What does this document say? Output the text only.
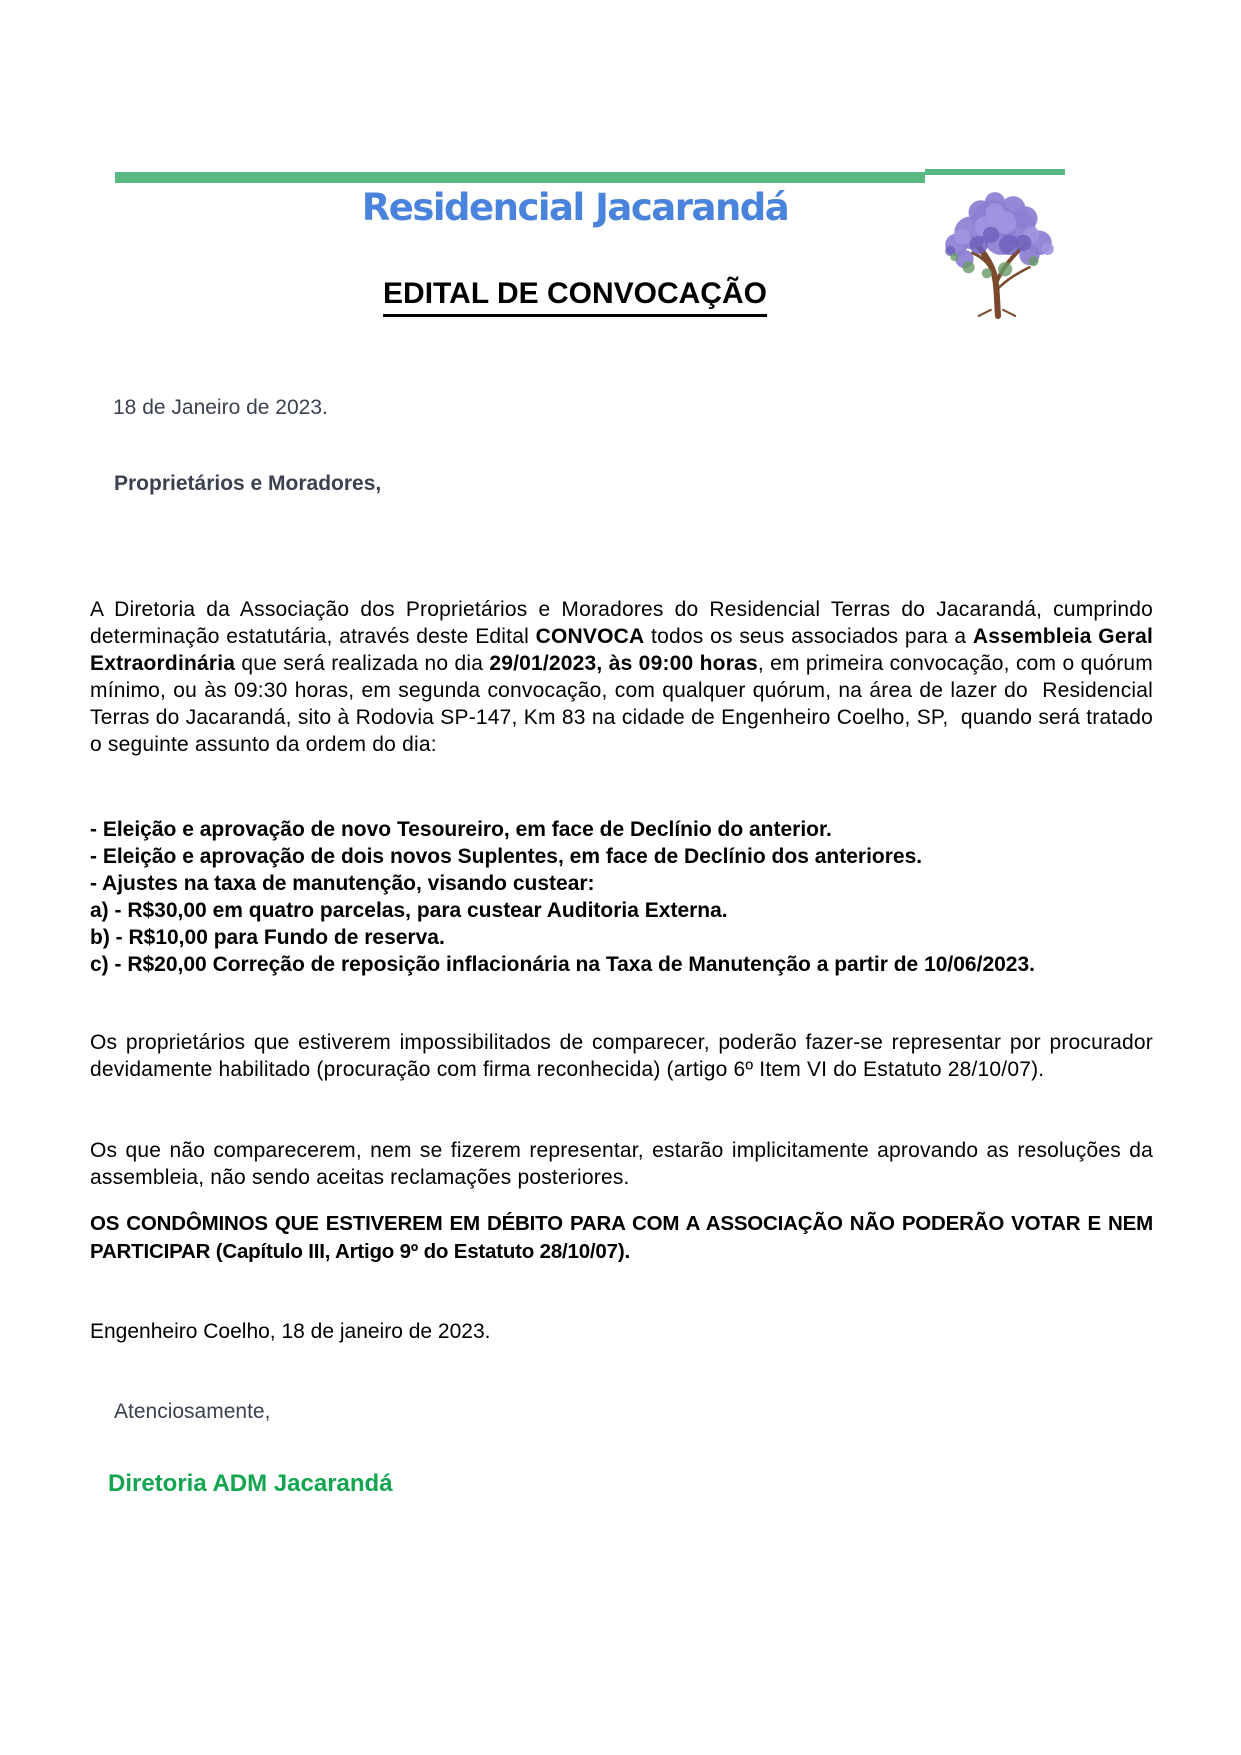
Residencial Jacarandá
EDITAL DE CONVOCAÇÃO
18 de Janeiro de 2023.
Proprietários e Moradores,
A Diretoria da Associação dos Proprietários e Moradores do Residencial Terras do Jacarandá, cumprindo determinação estatutária, através deste Edital CONVOCA todos os seus associados para a Assembleia Geral Extraordinária que será realizada no dia 29/01/2023, às 09:00 horas, em primeira convocação, com o quórum mínimo, ou às 09:30 horas, em segunda convocação, com qualquer quórum, na área de lazer do  Residencial Terras do Jacarandá, sito à Rodovia SP-147, Km 83 na cidade de Engenheiro Coelho, SP,  quando será tratado o seguinte assunto da ordem do dia:
- Eleição e aprovação de novo Tesoureiro, em face de Declínio do anterior.
- Eleição e aprovação de dois novos Suplentes, em face de Declínio dos anteriores.
- Ajustes na taxa de manutenção, visando custear:
a) - R$30,00 em quatro parcelas, para custear Auditoria Externa.
b) - R$10,00 para Fundo de reserva.
c) - R$20,00 Correção de reposição inflacionária na Taxa de Manutenção a partir de 10/06/2023.
Os proprietários que estiverem impossibilitados de comparecer, poderão fazer-se representar por procurador devidamente habilitado (procuração com firma reconhecida) (artigo 6º Item VI do Estatuto 28/10/07).
Os que não comparecerem, nem se fizerem representar, estarão implicitamente aprovando as resoluções da assembleia, não sendo aceitas reclamações posteriores.
OS CONDÔMINOS QUE ESTIVEREM EM DÉBITO PARA COM A ASSOCIAÇÃO NÃO PODERÃO VOTAR E NEM PARTICIPAR (Capítulo III, Artigo 9º do Estatuto 28/10/07).
Engenheiro Coelho, 18 de janeiro de 2023.
Atenciosamente,
Diretoria ADM Jacarandá
